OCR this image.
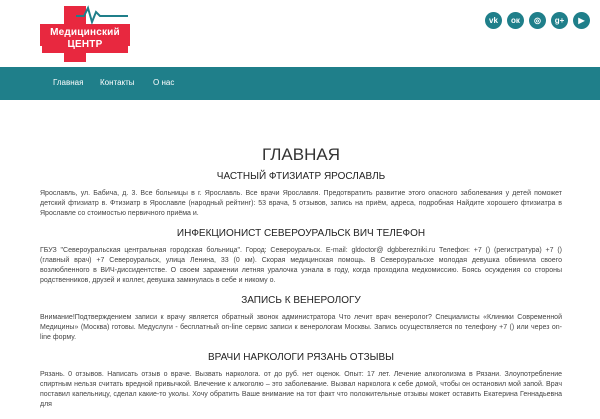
Медицинский
ЦЕНТР
vk	ок	◎	g+	▶
Главная Контакты О нас
ГЛАВНАЯ
ЧАСТНЫЙ ФТИЗИАТР ЯРОСЛАВЛЬ

Ярославль, ул. Бабича, д. 3. Все больницы в г. Ярославль. Все врачи Ярославля. Предотвратить развитие этого опасного заболевания у детей поможет детский фтизиатр в. Фтизиатр в Ярославле (народный рейтинг): 53 врача, 5 отзывов, запись на приём, адреса, подробная Найдите хорошего фтизиатра в Ярославле со стоимостью первичного приёма и.

ИНФЕКЦИОНИСТ СЕВЕРОУРАЛЬСК ВИЧ ТЕЛЕФОН

ГБУЗ "Североуральская центральная городская больница". Город: Североуральск. E-mail: gldoctor@ dgbberezniki.ru Телефон: +7 () (регистратура) +7 () (главный врач) +7 Североуральск, улица Ленина, 33 (0 км). Скорая медицинская помощь. В Североуральске молодая девушка обвинила своего возлюбленного в ВИЧ-диссидентстве. О своем заражении летняя уралочка узнала в году, когда проходила медкомиссию. Боясь осуждения со стороны родственников, друзей и коллег, девушка замкнулась в себе и никому о.

ЗАПИСЬ К ВЕНЕРОЛОГУ

Внимание!Подтверждением записи к врачу является обратный звонок администратора Что лечит врач венеролог? Специалисты «Клиники Современной Медицины» (Москва) готовы. Медуслуги - бесплатный on-line сервис записи к венерологам Москвы. Запись осуществляется по телефону +7 () или через on-line форму.

ВРАЧИ НАРКОЛОГИ РЯЗАНЬ ОТЗЫВЫ

Рязань. 0 отзывов. Написать отзыв о враче. Вызвать нарколога. от до руб. нет оценок. Опыт: 17 лет. Лечение алкоголизма в Рязани. Злоупотребление спиртным нельзя считать вредной привычкой. Влечение к алкоголю – это заболевание. Вызвал нарколога к себе домой, чтобы он остановил мой запой. Врач поставил капельницу, сделал какие-то уколы. Хочу обратить Ваше внимание на тот факт что положительные отзывы может оставить Екатерина Геннадьевна для
